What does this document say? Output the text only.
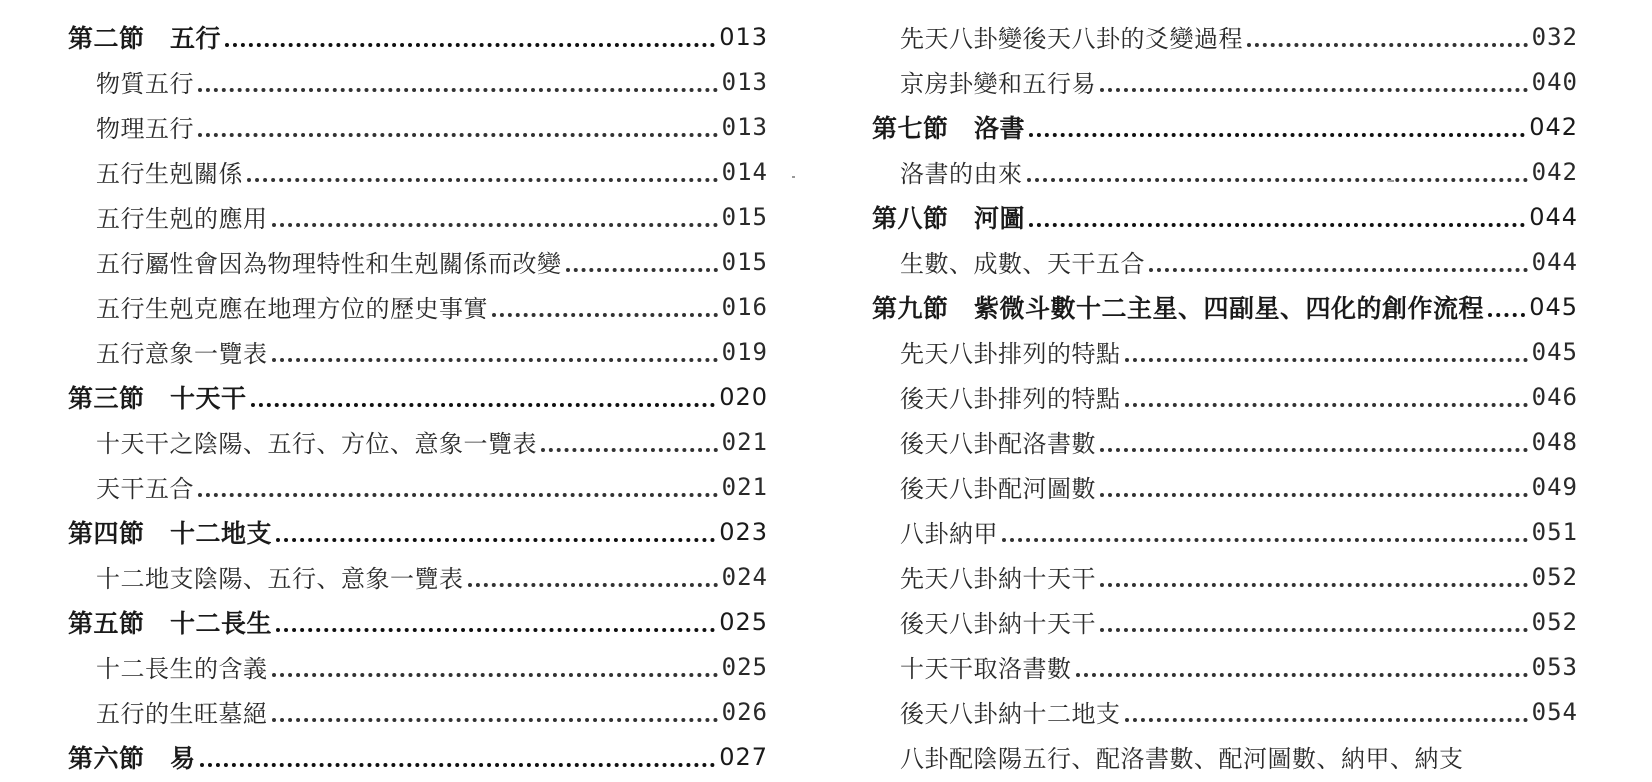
第二節　五行	013
物質五行	013
物理五行	013
五行生剋關係	014
五行生剋的應用	015
五行屬性會因為物理特性和生剋關係而改變	015
五行生剋克應在地理方位的歷史事實	016
五行意象一覽表	019
第三節　十天干	020
十天干之陰陽、五行、方位、意象一覽表	021
天干五合	021
第四節　十二地支	023
十二地支陰陽、五行、意象一覽表	024
第五節　十二長生	025
十二長生的含義	025
五行的生旺墓絕	026
第六節　易	027
先天八卦變後天八卦的爻變過程	032
京房卦變和五行易	040
第七節　洛書	042
洛書的由來	042
第八節　河圖	044
生數、成數、天干五合	044
第九節　紫微斗數十二主星、四副星、四化的創作流程 045
先天八卦排列的特點	045
後天八卦排列的特點	046
後天八卦配洛書數	048
後天八卦配河圖數	049
八卦納甲	051
先天八卦納十天干	052
後天八卦納十天干	052
十天干取洛書數	053
後天八卦納十二地支	054
八卦配陰陽五行、配洛書數、配河圖數、納甲、納支
